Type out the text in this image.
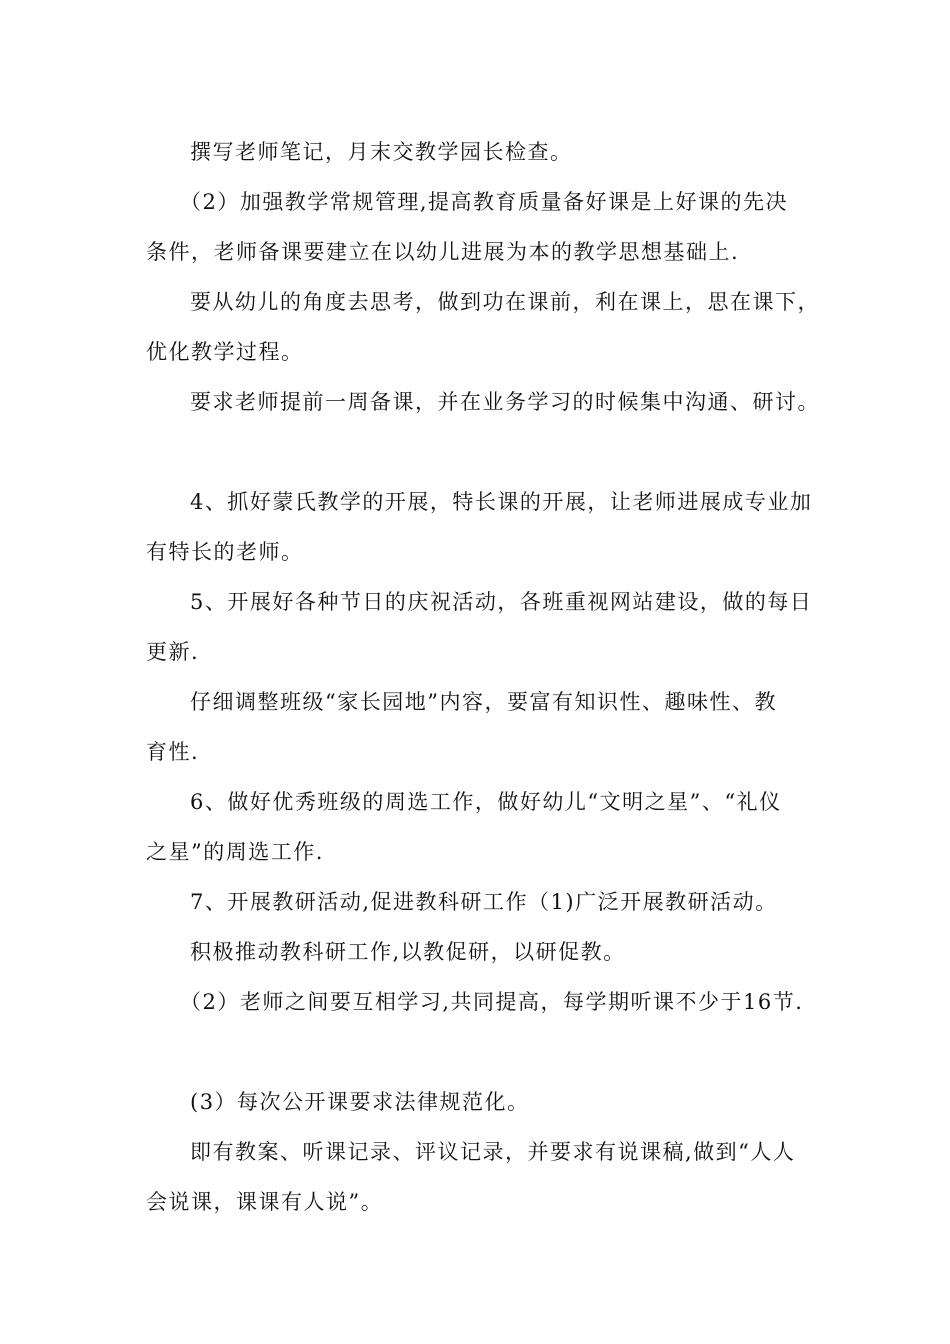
撰写老师笔记，月末交教学园长检查。
（2）加强教学常规管理,提高教育质量备好课是上好课的先决
条件，老师备课要建立在以幼儿进展为本的教学思想基础上.
要从幼儿的角度去思考，做到功在课前，利在课上，思在课下，
优化教学过程。
要求老师提前一周备课，并在业务学习的时候集中沟通、研讨。
4、抓好蒙氏教学的开展，特长课的开展，让老师进展成专业加
有特长的老师。
5、开展好各种节日的庆祝活动，各班重视网站建设，做的每日
更新.
仔细调整班级“家长园地”内容，要富有知识性、趣味性、教
育性.
6、做好优秀班级的周选工作，做好幼儿“文明之星”、“礼仪
之星”的周选工作.
7、开展教研活动,促进教科研工作（1)广泛开展教研活动。
积极推动教科研工作,以教促研，以研促教。
（2）老师之间要互相学习,共同提高，每学期听课不少于16节.
(3）每次公开课要求法律规范化。
即有教案、听课记录、评议记录，并要求有说课稿,做到“人人
会说课，课课有人说”。
